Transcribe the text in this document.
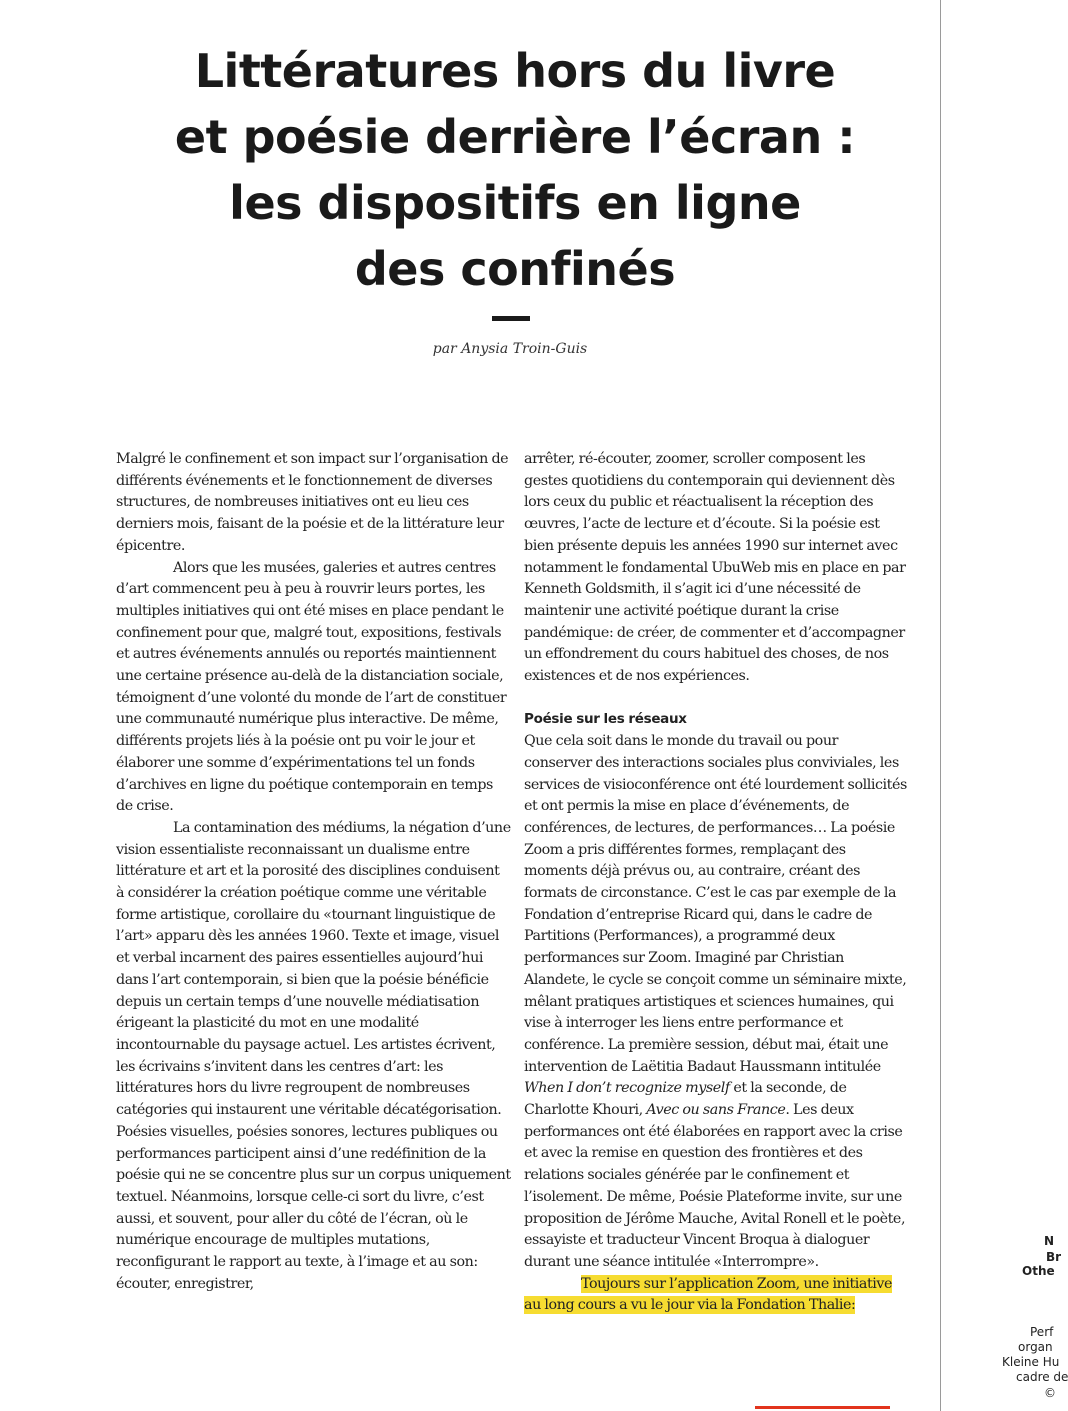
Littératures hors du livre
et poésie derrière l’écran :
les dispositifs en ligne
des confinés
par Anysia Troin-Guis

Malgré le confinement et son impact sur l’organisation de différents événements et le fonctionnement de diverses structures, de nombreuses initiatives ont eu lieu ces derniers mois, faisant de la poésie et de la littérature leur épicentre.

Alors que les musées, galeries et autres centres d’art commencent peu à peu à rouvrir leurs portes, les multiples initiatives qui ont été mises en place pendant le confinement pour que, malgré tout, expositions, festivals et autres événements annulés ou reportés maintiennent une certaine présence au-delà de la distanciation sociale, témoignent d’une volonté du monde de l’art de constituer une communauté numérique plus interactive. De même, différents projets liés à la poésie ont pu voir le jour et élaborer une somme d’expérimentations tel un fonds d’archives en ligne du poétique contemporain en temps de crise.

La contamination des médiums, la négation d’une vision essentialiste reconnaissant un dualisme entre littérature et art et la porosité des disciplines conduisent à considérer la création poétique comme une véritable forme artistique, corollaire du «tournant linguistique de l’art» apparu dès les années 1960. Texte et image, visuel et verbal incarnent des paires essentielles aujourd’hui dans l’art contemporain, si bien que la poésie bénéficie depuis un certain temps d’une nouvelle médiatisation érigeant la plasticité du mot en une modalité incontournable du paysage actuel. Les artistes écrivent, les écrivains s’invitent dans les centres d’art: les littératures hors du livre regroupent de nombreuses catégories qui instaurent une véritable décatégorisation. Poésies visuelles, poésies sonores, lectures publiques ou performances participent ainsi d’une redéfinition de la poésie qui ne se concentre plus sur un corpus uniquement textuel. Néanmoins, lorsque celle-ci sort du livre, c’est aussi, et souvent, pour aller du côté de l’écran, où le numérique encourage de multiples mutations, reconfigurant le rapport au texte, à l’image et au son: écouter, enregistrer,

arrêter, ré-écouter, zoomer, scroller composent les gestes quotidiens du contemporain qui deviennent dès lors ceux du public et réactualisent la réception des œuvres, l’acte de lecture et d’écoute. Si la poésie est bien présente depuis les années 1990 sur internet avec notamment le fondamental UbuWeb mis en place en par Kenneth Goldsmith, il s’agit ici d’une nécessité de maintenir une activité poétique durant la crise pandémique: de créer, de commenter et d’accompagner un effondrement du cours habituel des choses, de nos existences et de nos expériences.

Poésie sur les réseaux

Que cela soit dans le monde du travail ou pour conserver des interactions sociales plus conviviales, les services de visioconférence ont été lourdement sollicités et ont permis la mise en place d’événements, de conférences, de lectures, de performances… La poésie Zoom a pris différentes formes, remplaçant des moments déjà prévus ou, au contraire, créant des formats de circonstance. C’est le cas par exemple de la Fondation d’entreprise Ricard qui, dans le cadre de Partitions (Performances), a programmé deux performances sur Zoom. Imaginé par Christian Alandete, le cycle se conçoit comme un séminaire mixte, mêlant pratiques artistiques et sciences humaines, qui vise à interroger les liens entre performance et conférence. La première session, début mai, était une intervention de Laëtitia Badaut Haussmann intitulée When I don’t recognize myself et la seconde, de Charlotte Khouri, Avec ou sans France. Les deux performances ont été élaborées en rapport avec la crise et avec la remise en question des frontières et des relations sociales générée par le confinement et l’isolement. De même, Poésie Plateforme invite, sur une proposition de Jérôme Mauche, Avital Ronell et le poète, essayiste et traducteur Vincent Broqua à dialoguer durant une séance intitulée «Interrompre».

Toujours sur l’application Zoom, une initiative au long cours a vu le jour via la Fondation Thalie:

N
Br
Othe
Perf
organ
Kleine Hu
cadre de
©
